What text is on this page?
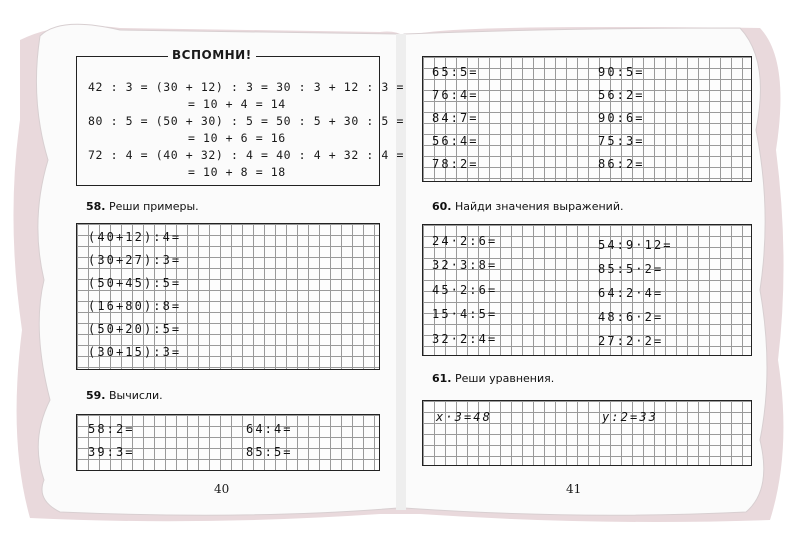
ВСПОМНИ!
42 : 3 = (30 + 12) : 3 = 30 : 3 + 12 : 3 =
= 10 + 4 = 14
80 : 5 = (50 + 30) : 5 = 50 : 5 + 30 : 5 =
= 10 + 6 = 16
72 : 4 = (40 + 32) : 4 = 40 : 4 + 32 : 4 =
= 10 + 8 = 18
58. Реши примеры.
(40+12):4=
(30+27):3=
(50+45):5=
(16+80):8=
(50+20):5=
(30+15):3=
59. Вычисли.
58:2=
39:3=
64:4=
85:5=
40
65:5=
76:4=
84:7=
56:4=
78:2=
90:5=
56:2=
90:6=
75:3=
86:2=
60. Найди значения выражений.
24·2:6=
32·3:8=
45·2:6=
15·4:5=
32·2:4=
54:9·12=
85:5·2=
64:2·4=
48:6·2=
27:2·2=
61. Реши уравнения.
x·3=48	y:2=33
41
